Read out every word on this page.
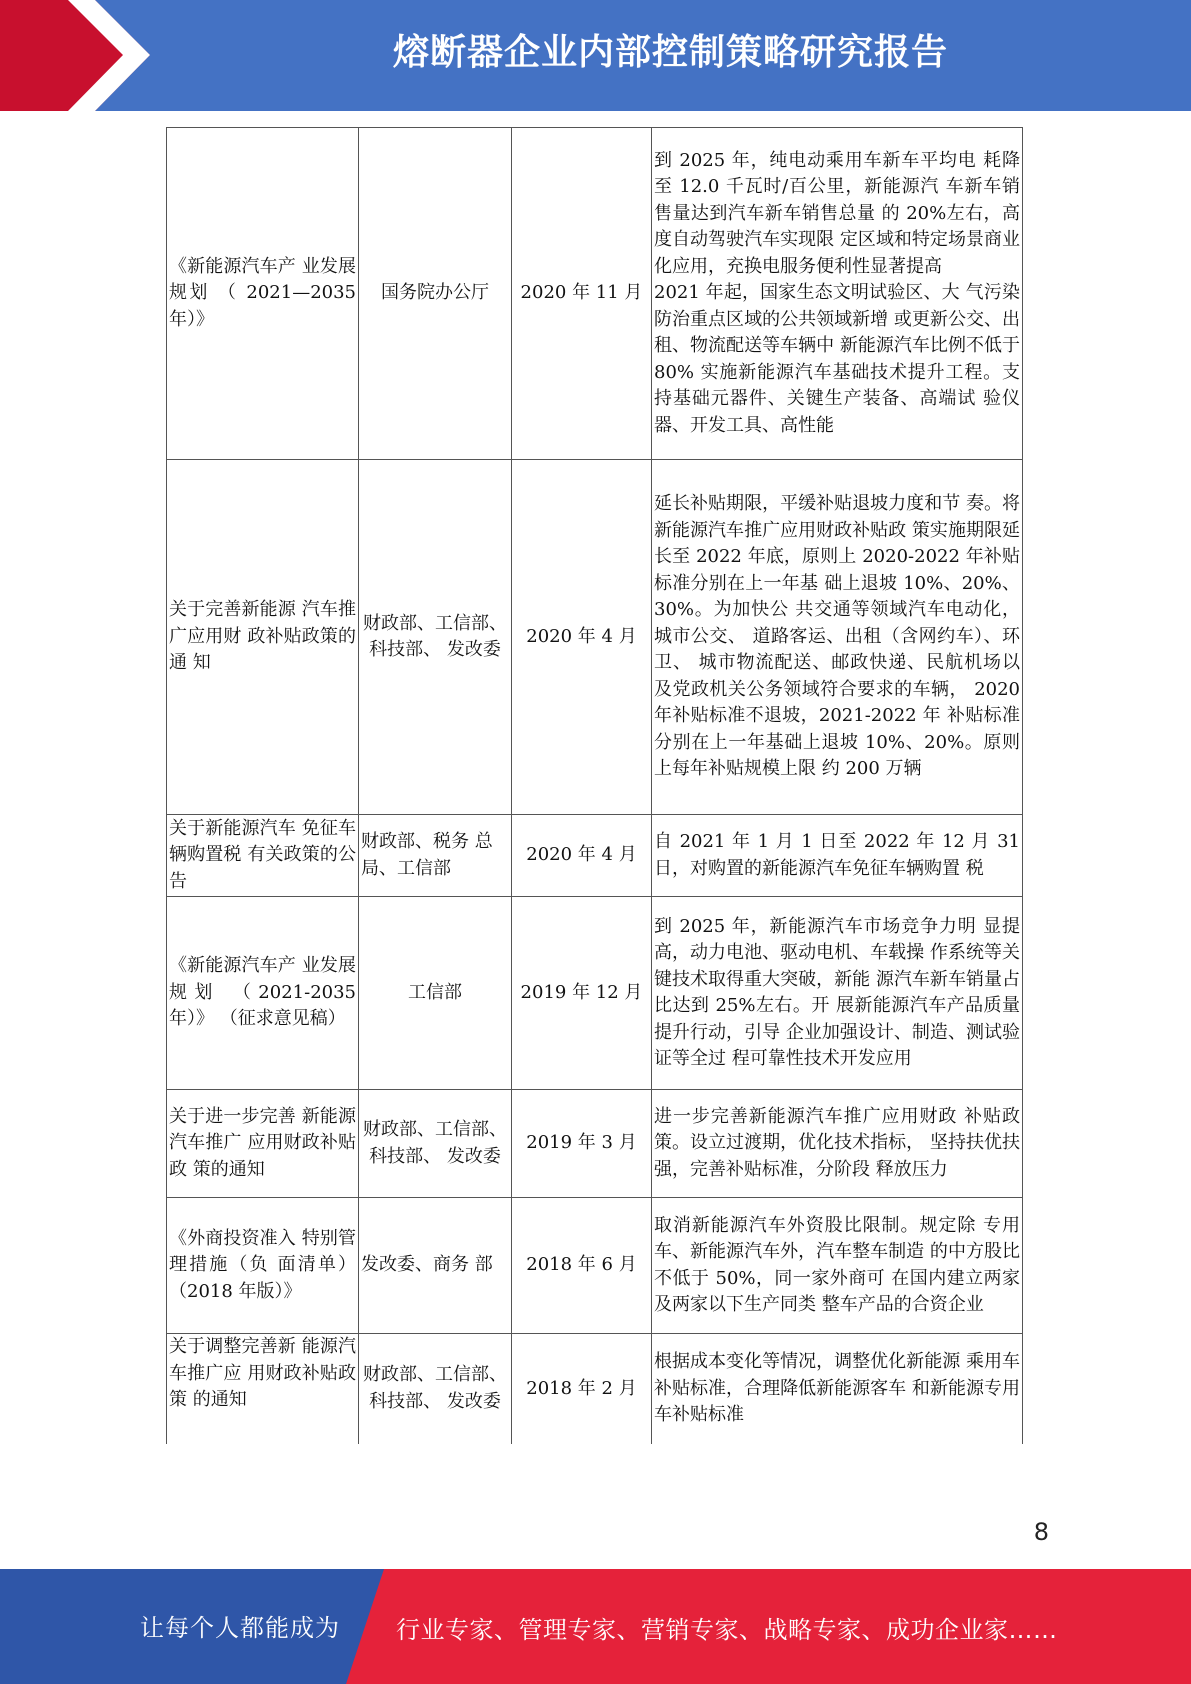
熔断器企业内部控制策略研究报告
《新能源汽车产 业发展规划 （ 2021—2035 年）》	国务院办公厅	2020 年 11 月	到 2025 年，纯电动乘用车新车平均电 耗降至 12.0 千瓦时/百公里，新能源汽 车新车销售量达到汽车新车销售总量 的 20%左右，高度自动驾驶汽车实现限 定区域和特定场景商业化应用，充换电服务便利性显著提高
2021 年起，国家生态文明试验区、大 气污染防治重点区域的公共领域新增 或更新公交、出租、物流配送等车辆中 新能源汽车比例不低于 80% 实施新能源汽车基础技术提升工程。支 持基础元器件、关键生产装备、高端试 验仪器、开发工具、高性能
关于完善新能源 汽车推广应用财 政补贴政策的通 知	财政部、工信部、科技部、 发改委	2020 年 4 月	延长补贴期限，平缓补贴退坡力度和节 奏。将新能源汽车推广应用财政补贴政 策实施期限延长至 2022 年底，原则上 2020-2022 年补贴标准分别在上一年基 础上退坡 10%、20%、30%。为加快公 共交通等领域汽车电动化，城市公交、 道路客运、出租（含网约车）、环卫、 城市物流配送、邮政快递、民航机场以 及党政机关公务领域符合要求的车辆， 2020 年补贴标准不退坡，2021-2022 年 补贴标准分别在上一年基础上退坡 10%、20%。原则上每年补贴规模上限 约 200 万辆
关于新能源汽车 免征车辆购置税 有关政策的公告	财政部、税务 总局、工信部	2020 年 4 月	自 2021 年 1 月 1 日至 2022 年 12 月 31 日，对购置的新能源汽车免征车辆购置 税
《新能源汽车产 业发展规划 （2021-2035 年）》 （征求意见稿）	工信部	2019 年 12 月	到 2025 年，新能源汽车市场竞争力明 显提高，动力电池、驱动电机、车载操 作系统等关键技术取得重大突破，新能 源汽车新车销量占比达到 25%左右。开 展新能源汽车产品质量提升行动，引导 企业加强设计、制造、测试验证等全过 程可靠性技术开发应用
关于进一步完善 新能源汽车推广 应用财政补贴政 策的通知	财政部、工信部、科技部、 发改委	2019 年 3 月	进一步完善新能源汽车推广应用财政 补贴政策。设立过渡期，优化技术指标， 坚持扶优扶强，完善补贴标准，分阶段 释放压力
《外商投资准入 特别管理措施（负 面清单）（2018 年版）》	发改委、商务 部	2018 年 6 月	取消新能源汽车外资股比限制。规定除 专用车、新能源汽车外，汽车整车制造 的中方股比不低于 50%，同一家外商可 在国内建立两家及两家以下生产同类 整车产品的合资企业
关于调整完善新 能源汽车推广应 用财政补贴政策 的通知	财政部、工信部、科技部、 发改委	2018 年 2 月	根据成本变化等情况，调整优化新能源 乘用车补贴标准，合理降低新能源客车 和新能源专用车补贴标准
8
让每个人都能成为 行业专家、管理专家、营销专家、战略专家、成功企业家……
